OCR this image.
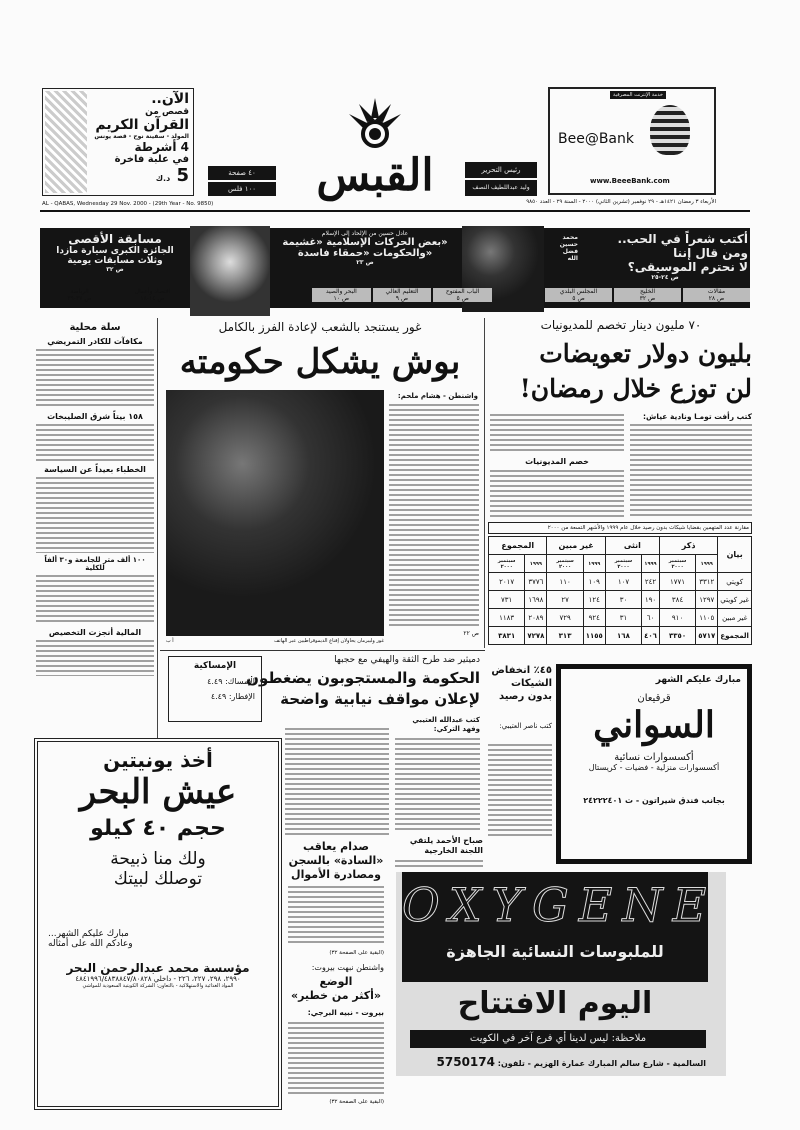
الآن..
قصص من
القرآن الكريم
المولد - سفينة نوح - قصة يونس
4 أشرطة
في علبة فاخرة
5 د.ك
٤٠ صفحة
١٠٠ فلس	القبس	رئيس التحرير
وليد عبداللطيف النصف
خدمة الإنترنت المصرفية
Bee@Bank
www.BeeeBank.com
AL - QABAS, Wednesday 29 Nov. 2000 - (29th Year - No. 9850)	الأربعاء ٣ رمضان ١٤٢١هـ - ٢٩ نوفمبر (تشرين الثاني) ٢٠٠٠ - السنة ٢٩ - العدد ٩٨٥٠
محمد حسين فضل الله
أكتب شعراً في الحب..
ومن قال إننا
لا نحترم الموسيقى؟
ص ٢٤-٢٥
عادل حسين من الإلحاد إلى الإسلام
بعض الحركات الإسلامية «غشيمة»
والحكومات «حمقاء فاسدة»
ص ٢٣
مسابقة الأقصى
الجائزة الكبرى سيارة مازدا
وثلاث مسابقات يومية
ص ٣٢
مقالات
ص ٢٨
الخليج
ص ٣٢
المجلس البلدي
ص ٥
الباب المفتوح
ص ٥
التعليم العالي
ص ٩
البحر والصيد
ص ١٠
اقتصاد وأعمال
ص ١٤-١٨
الرياضة
ص ٣٧-٣٩
سلة محلية
مكافآت للكادر التمريضي
١٥٨ بيتاً شرق الصليبخات
الخطباء بعيداً عن السياسة
١٠٠ ألف متر للجامعة و٣٠ ألفاً للكلية
المالية أنجزت التخصيص
غور يستنجد بالشعب لإعادة الفرز بالكامل
بوش يشكل حكومته
غور وليبرمان يحاولان إقناع الديموقراطيين عبر الهاتف
أ ب
واشنطن - هشام ملحم:
ص ٢٢
٧٠ مليون دينار تخصم للمديونيات
بليون دولار تعويضات
لن توزع خلال رمضان!
كتب رأفت تومـا ونادية عياش:
خصم المديونيات
مقارنة عدد المتهمين بقضايا شيكات بدون رصيد خلال عام ١٩٩٩ والأشهر التسعة من ٢٠٠٠
بيان	ذكر		انثى		غير مبين		المجموع	
	١٩٩٩	سبتمبر ٢٠٠٠	١٩٩٩	سبتمبر ٢٠٠٠	١٩٩٩	سبتمبر ٢٠٠٠	١٩٩٩	سبتمبر ٢٠٠٠
كويتي	٣٣١٢	١٧٧١	٢٤٢	١٠٧	١٠٩	١١٠	٣٧٧٦	٢٠١٧
غير كويتي	١٢٩٧	٣٨٤	١٩٠	٣٠	١٢٤	٢٧	١٦٩٨	٧٣١
غير مبين	١١٠٥	٩١٠	٦٠	٣١	٩٢٤	٧٢٩	٢٠٨٩	١١٨٣
المجموع	٥٧١٧	٣٣٥٠	٤٠٦	١٦٨	١١٥٥	٣١٣	٧٢٧٨	٣٨٣١
دميثير ضد طرح الثقة والهيفي مع حجبها
الحكومة والمستجوبون يضغطون
لإعلان مواقف نيابية واضحة
الإمساكية
الإمساك: ٤.٤٩
الإفطار: ٤.٤٩
كتب عبدالله العتيبي وفهد التركي:
٤٥٪ انخفاض
الشيكات بدون رصيد
كتب ناصر العتيبي:
صباح الأحمد يلتقي اللجنة الخارجية
مبارك عليكم الشهر
قرقيعان
السواني
أكسسوارات نسائية
أكسسوارات منزلية - فضيات - كريستال
بجانب فندق شيراتون - ت ٢٤٢٢٢٤٠١
أخذ يونيتين
عيش البحر
حجم ٤٠ كيلو
ولك منا ذبيحة
توصلك لبيتك
مبارك عليكم الشهر...
وعادكم الله على أمثاله
مؤسسة محمد عبدالرحمن البحر
٢٩٩٠، ٢٩٨، ٢٢٧، ٢٢٦ - داخلي ٤٨٤١٩٩٦/٤٨٣٨٨٤٧/٨٠٨٢٨
المواد الغذائية والاستهلاكية - بالتعاون: الشركة الكويتية السعودية للمواشي
صدام يعاقب
«السادة» بالسجن
ومصادرة الأموال
(البقية على الصفحة ٣٢)
واشنطن نبهت بيروت:
الوضع
«أكثر من خطير»
بيروت - نبيه البرجي:
(البقية على الصفحة ٣٢)
OXYGENE
للملبوسات النسائية الجاهزة
اليوم الافتتاح
ملاحظة: ليس لدينا أي فرع آخر في الكويت
السالمية - شارع سالم المبارك عمارة الهزيم - تلفون: 5750174
